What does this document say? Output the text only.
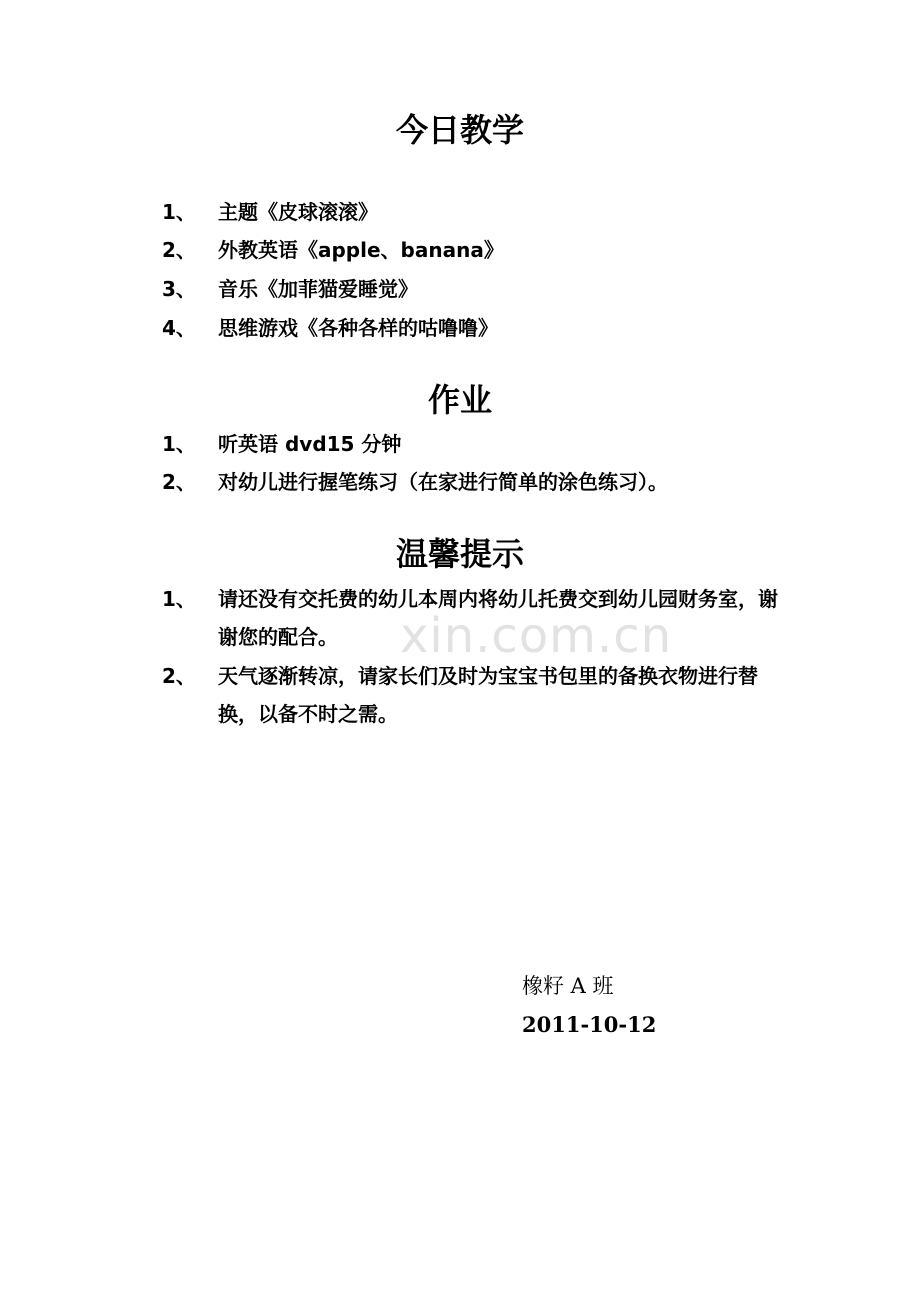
xin.com.cn
今日教学
1、 主题《皮球滚滚》
2、 外教英语《apple、banana》
3、 音乐《加菲猫爱睡觉》
4、 思维游戏《各种各样的咕噜噜》
作业
1、 听英语 dvd15 分钟
2、 对幼儿进行握笔练习（在家进行简单的涂色练习）。
温馨提示
1、 请还没有交托费的幼儿本周内将幼儿托费交到幼儿园财务室，谢谢您的配合。
2、 天气逐渐转凉，请家长们及时为宝宝书包里的备换衣物进行替换，以备不时之需。
橡籽 A 班
2011-10-12
